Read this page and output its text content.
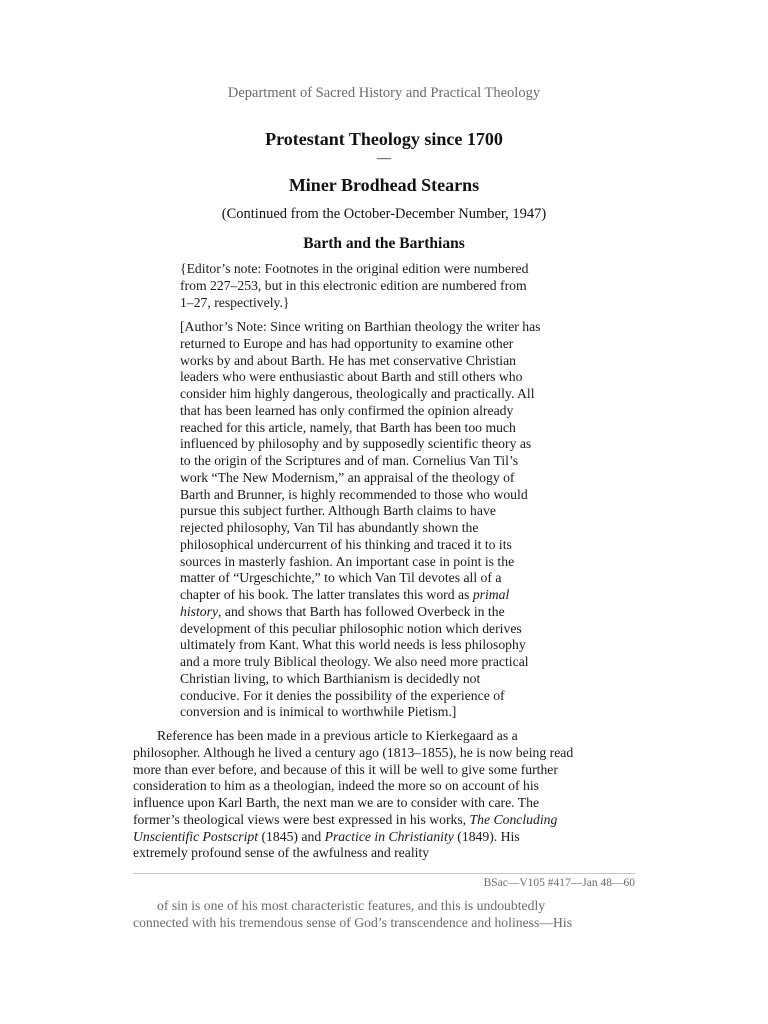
Department of Sacred History and Practical Theology
Protestant Theology since 1700
—
Miner Brodhead Stearns
(Continued from the October-December Number, 1947)
Barth and the Barthians
{Editor’s note: Footnotes in the original edition were numbered
from 227–253, but in this electronic edition are numbered from
1–27, respectively.}
[Author’s Note: Since writing on Barthian theology the writer has
returned to Europe and has had opportunity to examine other
works by and about Barth. He has met conservative Christian
leaders who were enthusiastic about Barth and still others who
consider him highly dangerous, theologically and practically. All
that has been learned has only confirmed the opinion already
reached for this article, namely, that Barth has been too much
influenced by philosophy and by supposedly scientific theory as
to the origin of the Scriptures and of man. Cornelius Van Til’s
work “The New Modernism,” an appraisal of the theology of
Barth and Brunner, is highly recommended to those who would
pursue this subject further. Although Barth claims to have
rejected philosophy, Van Til has abundantly shown the
philosophical undercurrent of his thinking and traced it to its
sources in masterly fashion. An important case in point is the
matter of “Urgeschichte,” to which Van Til devotes all of a
chapter of his book. The latter translates this word as primal
history, and shows that Barth has followed Overbeck in the
development of this peculiar philosophic notion which derives
ultimately from Kant. What this world needs is less philosophy
and a more truly Biblical theology. We also need more practical
Christian living, to which Barthianism is decidedly not
conducive. For it denies the possibility of the experience of
conversion and is inimical to worthwhile Pietism.]
Reference has been made in a previous article to Kierkegaard as a
philosopher. Although he lived a century ago (1813–1855), he is now being read
more than ever before, and because of this it will be well to give some further
consideration to him as a theologian, indeed the more so on account of his
influence upon Karl Barth, the next man we are to consider with care. The
former’s theological views were best expressed in his works, The Concluding
Unscientific Postscript (1845) and Practice in Christianity (1849). His
extremely profound sense of the awfulness and reality
BSac—V105 #417—Jan 48—60
of sin is one of his most characteristic features, and this is undoubtedly
connected with his tremendous sense of God’s transcendence and holiness—His
